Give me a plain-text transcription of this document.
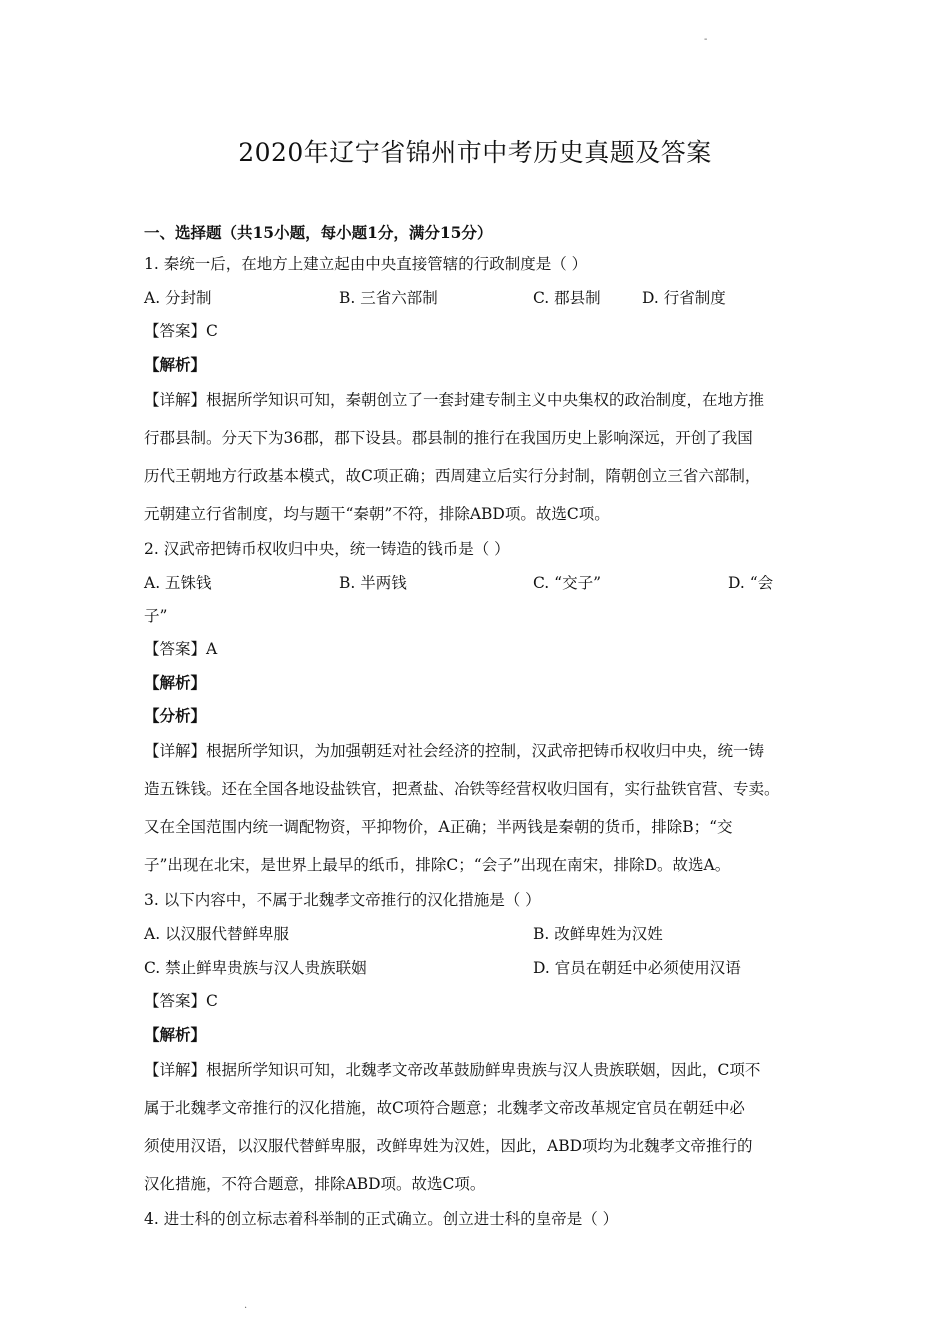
-
2020年辽宁省锦州市中考历史真题及答案
一、选择题（共15小题，每小题1分，满分15分）
1. 秦统一后，在地方上建立起由中央直接管辖的行政制度是（ ）
A. 分封制	B. 三省六部制	C. 郡县制	D. 行省制度
【答案】C
【解析】
【详解】根据所学知识可知，秦朝创立了一套封建专制主义中央集权的政治制度，在地方推
行郡县制。分天下为36郡，郡下设县。郡县制的推行在我国历史上影响深远，开创了我国
历代王朝地方行政基本模式，故C项正确；西周建立后实行分封制，隋朝创立三省六部制，
元朝建立行省制度，均与题干“秦朝”不符，排除ABD项。故选C项。
2. 汉武帝把铸币权收归中央，统一铸造的钱币是（ ）
A. 五铢钱	B. 半两钱	C. “交子”	D. “会
子”
【答案】A
【解析】
【分析】
【详解】根据所学知识，为加强朝廷对社会经济的控制，汉武帝把铸币权收归中央，统一铸
造五铢钱。还在全国各地设盐铁官，把煮盐、冶铁等经营权收归国有，实行盐铁官营、专卖。
又在全国范围内统一调配物资，平抑物价，A正确；半两钱是秦朝的货币，排除B；“交
子”出现在北宋，是世界上最早的纸币，排除C；“会子”出现在南宋，排除D。故选A。
3. 以下内容中，不属于北魏孝文帝推行的汉化措施是（ ）
A. 以汉服代替鲜卑服	B. 改鲜卑姓为汉姓
C. 禁止鲜卑贵族与汉人贵族联姻	D. 官员在朝廷中必须使用汉语
【答案】C
【解析】
【详解】根据所学知识可知，北魏孝文帝改革鼓励鲜卑贵族与汉人贵族联姻，因此，C项不
属于北魏孝文帝推行的汉化措施，故C项符合题意；北魏孝文帝改革规定官员在朝廷中必
须使用汉语，以汉服代替鲜卑服，改鲜卑姓为汉姓，因此，ABD项均为北魏孝文帝推行的
汉化措施，不符合题意，排除ABD项。故选C项。
4. 进士科的创立标志着科举制的正式确立。创立进士科的皇帝是（ ）
.
